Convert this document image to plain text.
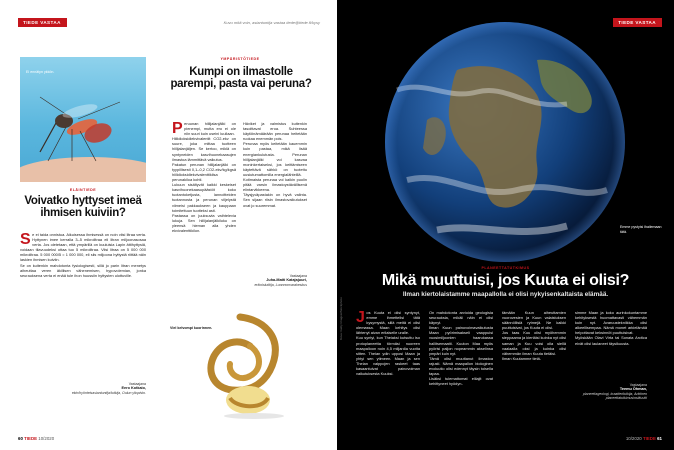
TIEDE VASTAA	Kuvu mitä voin, asiantuntija vastaa tiede@tiede.fi/kysy
Ei ennätyn ykkön.
ELÄINTIEDE
Voivatko hyttyset imeä ihmisen kuiviin?
Se ei taida onnistua. Aikuisessa ihmisessä on noin viisi litraa verta. Hyttynen imee kerralla 3–5 mikrolitraa eli litran miljoonasosaa verta. Jos oletetaan, että ympärillä on kuuluisia Lapin ättihyttysiä, voidaan tilavuudeksi ottaa tuo 5 mikrolitraa. Viisi litraa on 5 000 000 mikrolitraa. 5 000 000/5 = 1 000 000, eli siis miljoona hyttystä riittää näin laskien ihmisen kuiviin.
Se on kuitenkin mahdotonta fysiologisesti, sillä jo parin litran menetys aiheuttaa veren äkillisen vähenemisen, hypovolemian, jonka seurauksena verta ei enää tule ihon huussiin hyttysten ulottuville.
Vastaajana
Eero Kotkaio,
ekin/hyönteisasiantuntija/tutkija, Oulun yliopisto.
YMPÄRISTÖTIEDE
Kumpi on ilmastolle parempi, pasta vai peruna?
Peruunan hiilijalanjälki on pienempi, mutta ero ei ole niin suuri kuin useini luullaan.
Hiilidioksidiekvivalentit CO2-ekv on suure, joka mittaa tuotteen hiilijalanjäljen. Se kertoo, miklä on syntyneiden kasvihuonekaasujen ilmastoa lämmittävä vaikutus.
Pakatun perunan hiilijalanjälki on tyypillisesti 0,1–0,2 CO2-ekv/kg/kgsä hiilidioksidiekvivalenttikilsa perunakiloa kohti.
Lukuun sisältyvät kaikki keskeiset kasvihuonekaasupäästöt koko tuotantoketjusta, lannoitteiden tuotannosta ja perunan viljelystä viimeisi pakkaukseen ja kauppaan toimitettuun tuotteksi asti.
Pastassa on juuksuvia vaihtelevia lukuja. Sen hiilijalanjälkiluku on yleensä hieman alla yhden ekvivalenttikilon.
Häviket ja valmistus kuitenkin tasoittavat eroa. Suhteessa käytöinämäärään perunaa heitetään ruokaa enemmän pois.
Perunaa myös keitetään kauemmin kuin pastaa, mikä lisää energiankulutusta. Perunan hiilijalanjälki voi kasvaa moninkertaiseksi, jos keittämiseen käytettävä sähkö on tuotettu uusiutumattomilla energialähteillä.
Kotimaista perunaa voi kaikin puolin pitää varsin ilmastoystävällisenä elintarvikkeena.
Täysjyväpastakin on hyvä valinta. Sen sijaan riisin ilmastovaikutukset ovat jo suuremmat.
Vastaajana
Juha-Matti Katajajuuri,
erikoistutkija, Luonnonvarakeskus
Viel kelvompi kuorinnen.
60 TIEDE 10/2020
TIEDE VASTAA
Emme pystyisi ihailemaan tätä.
Kuva: Getty Images/iStockphoto
PLANEETTATUTKIMUS
Mikä muuttuisi, jos Kuuta ei olisi?
Ilman kiertolaistamme maapallolla ei olisi nykyisenkaltaista elämää.
Jos Kuuta ei olisi syntynyt, emme ihmettelisi tätä kysymystä, sillä meitä ei olisi olemassa. Maan kehitys olisi lähtenyt aivan erilaiselle uralle.
Kuu syntyi, kun Theiaksi kutsuttu iso protoplaneetta törmäsi nuoreen maapalloon noin 4,5 miljardia vuotta sitten. Theian ydin upposi Maan ja yhtyi sen ytimeen. Maan ja sen Theian vaippojen raskeet taas kasaantuivat painovoiman vaikutuksesta Kuuksi.
On mahdotonta arvioida geologisia seurauksia, mikäli näin ei olisi käynyt.
Ilman Kuun painovoimavaikutusta Maan pyörimisakseli vaappuisi vuosimiljoonien haarukassa hallitsemaatti. Kuuton Maa myös pyörisi paljon nopeammin akselinsa ympäri kuin nyt.
Tämä olisi muuttanut ilmastoa rajusti. Nämä maapallon biologinen evoluutio olisi edennyt täysin toisella tapaa.
Lisäksi tulemattomat elilajit ovat kehittyneet hyödyn-
tämään Kuun aiheuttamien vuorovesien ja Kuun valaistuksen säännöllisiä rytmejä. Ne kaikki puuttuisivat, jos Kuuta ei olisi.
Jos taas Kuu olisi myöhemmin sieppaama ja kiertäisi kuinka nyt olisi saman ja Kuu voisi olla siellä vaalaalla oksi ja kuinka olisi vähemmän ilman Kuuta tietäisi.
Ilman Kuutamme tietä-
simme Maan ja koko aurinkokuntamme kehityksestä huomattavasti vähemmän kuin nyt. Avaruustekniikka olisi alkeellisempaa. Nämä monet arkielämää helpottavat keksinnöt puuttuisivat.
Myöskään Olavi Virta tai Sonata Arctica eivät olisi laulaneet täysikuusta.
Vastaajana
Teemu Öhman,
planeettageologi, kraatteritutkija, Arktinen planeettatutkimusinstituutti
10/2020 TIEDE 61
